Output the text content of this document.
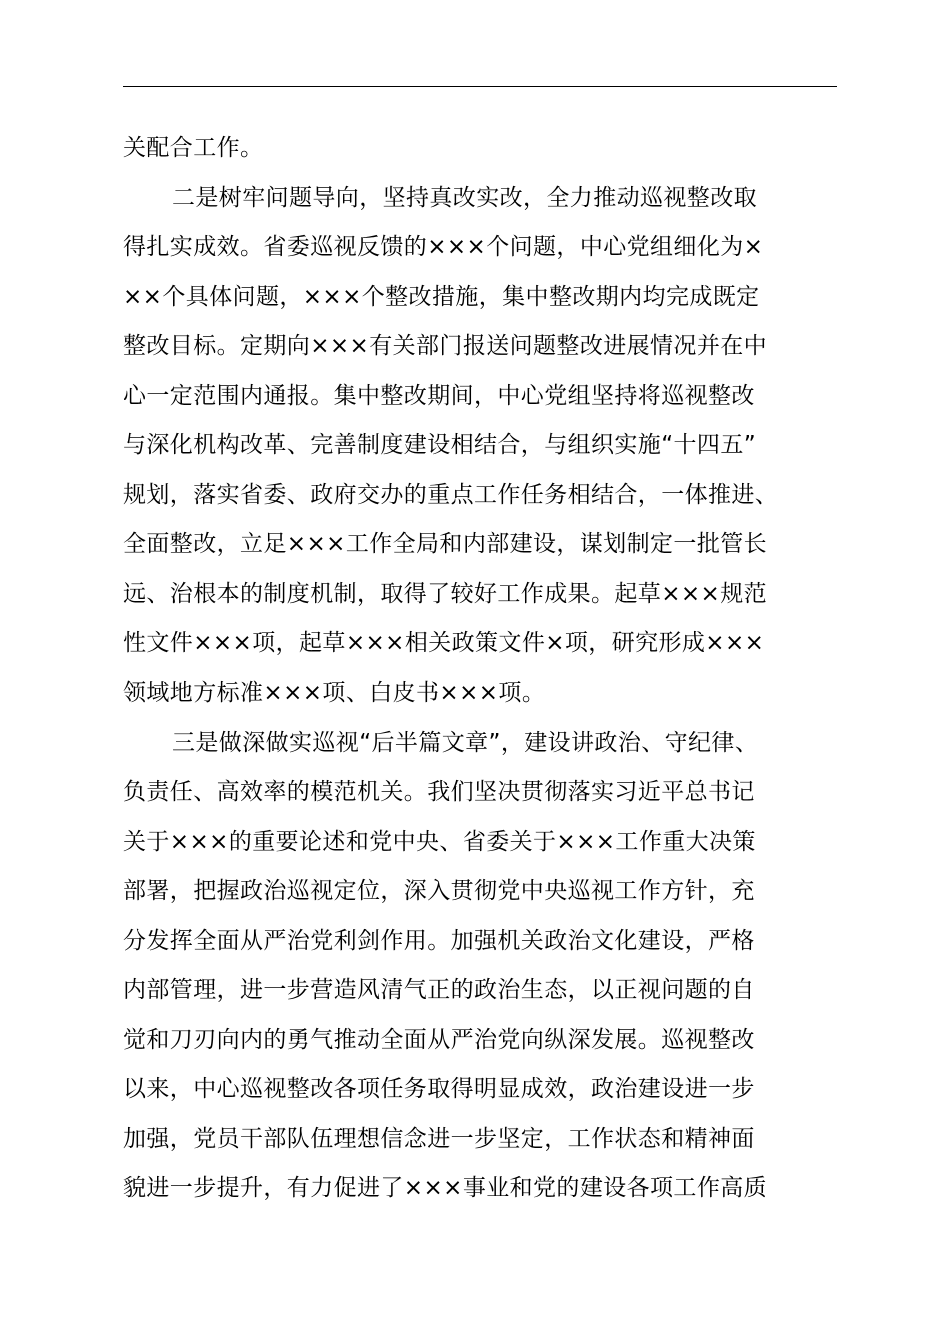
关配合工作。
二是树牢问题导向，坚持真改实改，全力推动巡视整改取
得扎实成效。省委巡视反馈的×××个问题，中心党组细化为×
××个具体问题，×××个整改措施，集中整改期内均完成既定
整改目标。定期向×××有关部门报送问题整改进展情况并在中
心一定范围内通报。集中整改期间，中心党组坚持将巡视整改
与深化机构改革、完善制度建设相结合，与组织实施“十四五”
规划，落实省委、政府交办的重点工作任务相结合，一体推进、
全面整改，立足×××工作全局和内部建设，谋划制定一批管长
远、治根本的制度机制，取得了较好工作成果。起草×××规范
性文件×××项，起草×××相关政策文件×项，研究形成×××
领域地方标准×××项、白皮书×××项。
三是做深做实巡视“后半篇文章”，建设讲政治、守纪律、
负责任、高效率的模范机关。我们坚决贯彻落实习近平总书记
关于×××的重要论述和党中央、省委关于×××工作重大决策
部署，把握政治巡视定位，深入贯彻党中央巡视工作方针，充
分发挥全面从严治党利剑作用。加强机关政治文化建设，严格
内部管理，进一步营造风清气正的政治生态，以正视问题的自
觉和刀刃向内的勇气推动全面从严治党向纵深发展。巡视整改
以来，中心巡视整改各项任务取得明显成效，政治建设进一步
加强，党员干部队伍理想信念进一步坚定，工作状态和精神面
貌进一步提升，有力促进了×××事业和党的建设各项工作高质
